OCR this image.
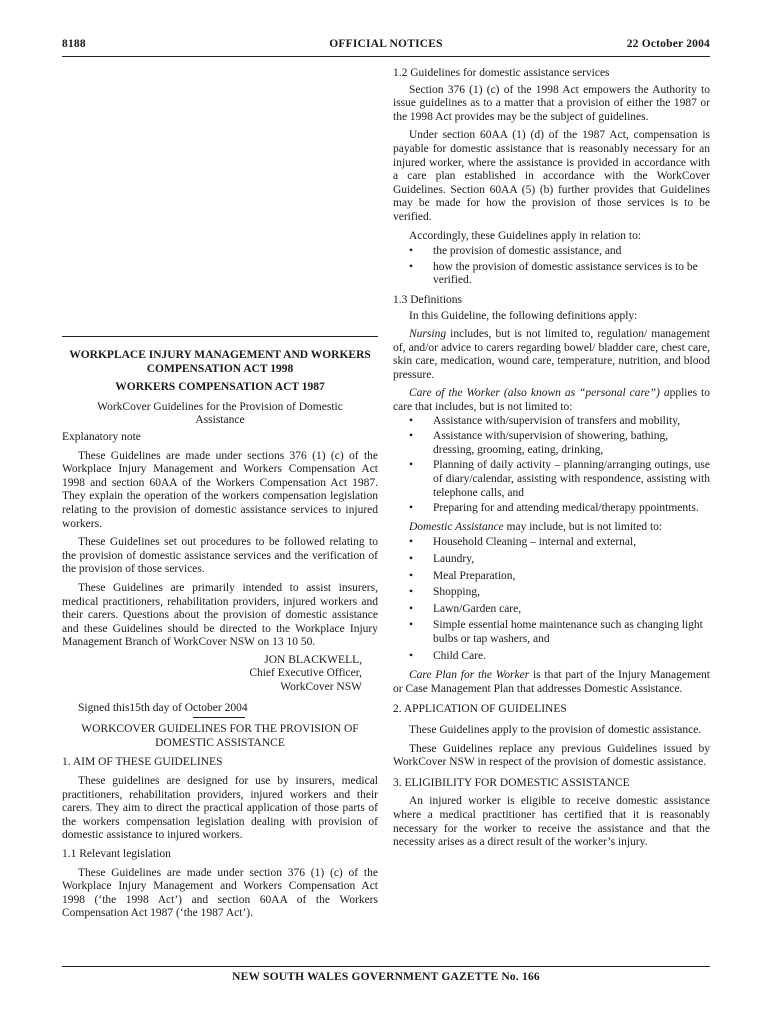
8188	OFFICIAL NOTICES	22 October 2004

WORKPLACE INJURY MANAGEMENT AND WORKERS COMPENSATION ACT 1998

WORKERS COMPENSATION ACT 1987

WorkCover Guidelines for the Provision of Domestic Assistance

Explanatory note

These Guidelines are made under sections 376 (1) (c) of the Workplace Injury Management and Workers Compensation Act 1998 and section 60AA of the Workers Compensation Act 1987. They explain the operation of the workers compensation legislation relating to the provision of domestic assistance services to injured workers.

These Guidelines set out procedures to be followed relating to the provision of domestic assistance services and the verification of the provision of those services.

These Guidelines are primarily intended to assist insurers, medical practitioners, rehabilitation providers, injured workers and their carers. Questions about the provision of domestic assistance and these Guidelines should be directed to the Workplace Injury Management Branch of WorkCover NSW on 13 10 50.

JON BLACKWELL,
Chief Executive Officer,
WorkCover NSW

Signed this15th day of October 2004

WORKCOVER GUIDELINES FOR THE PROVISION OF DOMESTIC ASSISTANCE

1. AIM OF THESE GUIDELINES

These guidelines are designed for use by insurers, medical practitioners, rehabilitation providers, injured workers and their carers. They aim to direct the practical application of those parts of the workers compensation legislation dealing with provision of domestic assistance to injured workers.

1.1 Relevant legislation

These Guidelines are made under section 376 (1) (c) of the Workplace Injury Management and Workers Compensation Act 1998 (‘the 1998 Act’) and section 60AA of the Workers Compensation Act 1987 (‘the 1987 Act’).

1.2 Guidelines for domestic assistance services

Section 376 (1) (c) of the 1998 Act empowers the Authority to issue guidelines as to a matter that a provision of either the 1987 or the 1998 Act provides may be the subject of guidelines.

Under section 60AA (1) (d) of the 1987 Act, compensation is payable for domestic assistance that is reasonably necessary for an injured worker, where the assistance is provided in accordance with a care plan established in accordance with the WorkCover Guidelines. Section 60AA (5) (b) further provides that Guidelines may be made for how the provision of those services is to be verified.

Accordingly, these Guidelines apply in relation to:

• the provision of domestic assistance, and
• how the provision of domestic assistance services is to be verified.

1.3 Definitions

In this Guideline, the following definitions apply:

Nursing includes, but is not limited to, regulation/ management of, and/or advice to carers regarding bowel/ bladder care, chest care, skin care, medication, wound care, temperature, nutrition, and blood pressure.

Care of the Worker (also known as “personal care”) applies to care that includes, but is not limited to:

• Assistance with/supervision of transfers and mobility,
• Assistance with/supervision of showering, bathing, dressing, grooming, eating, drinking,
• Planning of daily activity – planning/arranging outings, use of diary/calendar, assisting with respondence, assisting with telephone calls, and
• Preparing for and attending medical/therapy ppointments.

Domestic Assistance may include, but is not limited to:

• Household Cleaning – internal and external,
• Laundry,
• Meal Preparation,
• Shopping,
• Lawn/Garden care,
• Simple essential home maintenance such as changing light bulbs or tap washers, and
• Child Care.

Care Plan for the Worker is that part of the Injury Management or Case Management Plan that addresses Domestic Assistance.

2. APPLICATION OF GUIDELINES

These Guidelines apply to the provision of domestic assistance.

These Guidelines replace any previous Guidelines issued by WorkCover NSW in respect of the provision of domestic assistance.

3. ELIGIBILITY FOR DOMESTIC ASSISTANCE

An injured worker is eligible to receive domestic assistance where a medical practitioner has certified that it is reasonably necessary for the worker to receive the assistance and that the necessity arises as a direct result of the worker’s injury.

NEW SOUTH WALES GOVERNMENT GAZETTE No. 166
